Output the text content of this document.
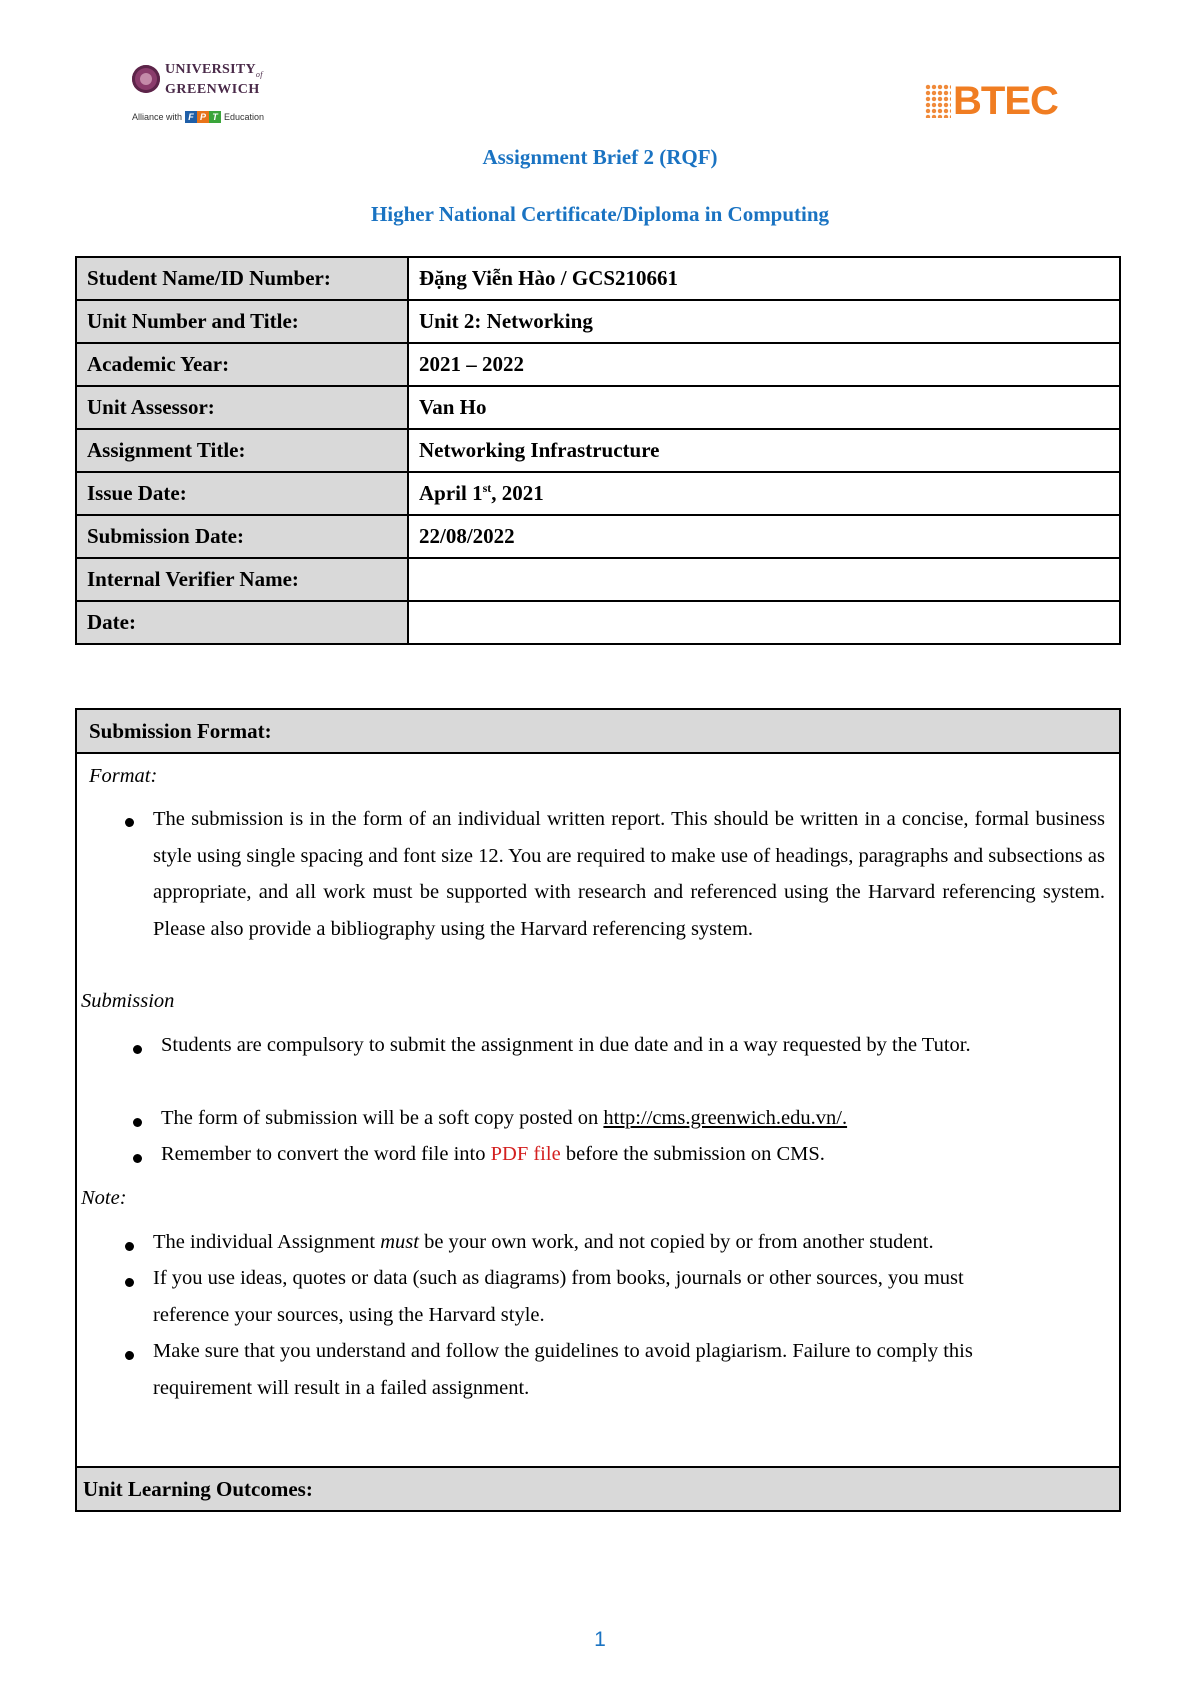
$UNIVERSITY_{of}$
GREENWICH
Alliance with F P T Education	BTEC
Assignment Brief 2 (RQF)
Higher National Certificate/Diploma in Computing
Student Name/ID Number:	Đặng Viễn Hào / GCS210661
Unit Number and Title:	Unit 2: Networking
Academic Year:	2021 – 2022
Unit Assessor:	Van Ho
Assignment Title:	Networking Infrastructure
Issue Date:	April 1st, 2021
Submission Date:	22/08/2022
Internal Verifier Name:	
Date:	
Submission Format:
Format:
The submission is in the form of an individual written report. This should be written in a concise, formal business style using single spacing and font size 12. You are required to make use of headings, paragraphs and subsections as appropriate, and all work must be supported with research and referenced using the Harvard referencing system. Please also provide a bibliography using the Harvard referencing system.
Submission
Students are compulsory to submit the assignment in due date and in a way requested by the Tutor.
The form of submission will be a soft copy posted on http://cms.greenwich.edu.vn/.
Remember to convert the word file into PDF file before the submission on CMS.
Note:
The individual Assignment must be your own work, and not copied by or from another student.
If you use ideas, quotes or data (such as diagrams) from books, journals or other sources, you must reference your sources, using the Harvard style.
Make sure that you understand and follow the guidelines to avoid plagiarism. Failure to comply this requirement will result in a failed assignment.
Unit Learning Outcomes:
1
